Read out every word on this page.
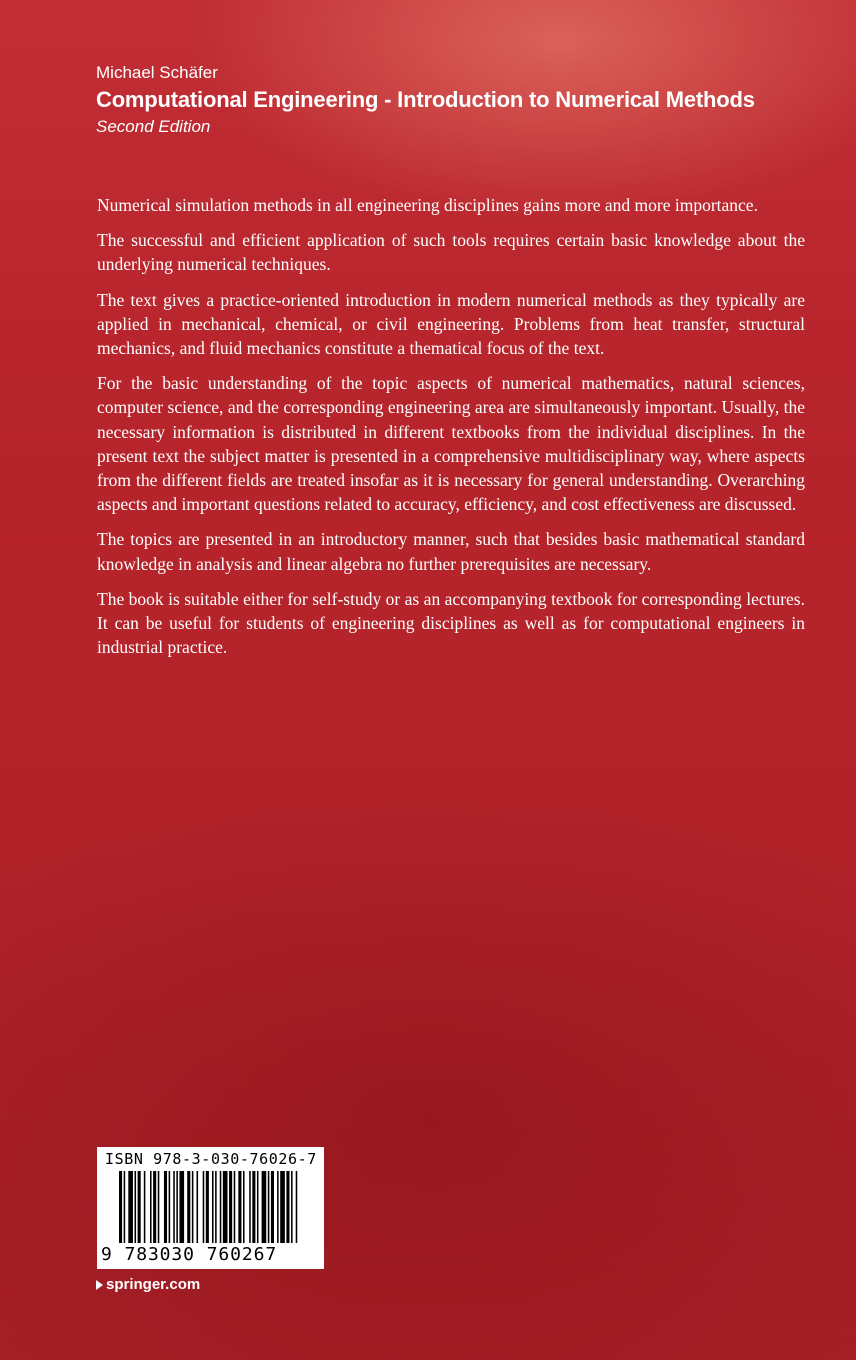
Michael Schäfer

Computational Engineering - Introduction to Numerical Methods

Second Edition

Numerical simulation methods in all engineering disciplines gains more and more importance.

The successful and efficient application of such tools requires certain basic knowledge about the underlying numerical techniques.

The text gives a practice-oriented introduction in modern numerical methods as they typically are applied in mechanical, chemical, or civil engineering. Problems from heat transfer, structural mechanics, and fluid mechanics constitute a thematical focus of the text.

For the basic understanding of the topic aspects of numerical mathematics, natural sciences, computer science, and the corresponding engineering area are simultaneously important. Usually, the necessary information is distributed in different textbooks from the individual disciplines. In the present text the subject matter is presented in a comprehensive multidisciplinary way, where aspects from the different fields are treated insofar as it is necessary for general understanding. Overarching aspects and important questions related to accuracy, efficiency, and cost effectiveness are discussed.

The topics are presented in an introductory manner, such that besides basic mathematical standard knowledge in analysis and linear algebra no further prerequisites are necessary.

The book is suitable either for self-study or as an accompanying textbook for corresponding lectures. It can be useful for students of engineering disciplines as well as for computational engineers in industrial practice.

ISBN 978-3-030-76026-7
9 783030 760267
springer.com
